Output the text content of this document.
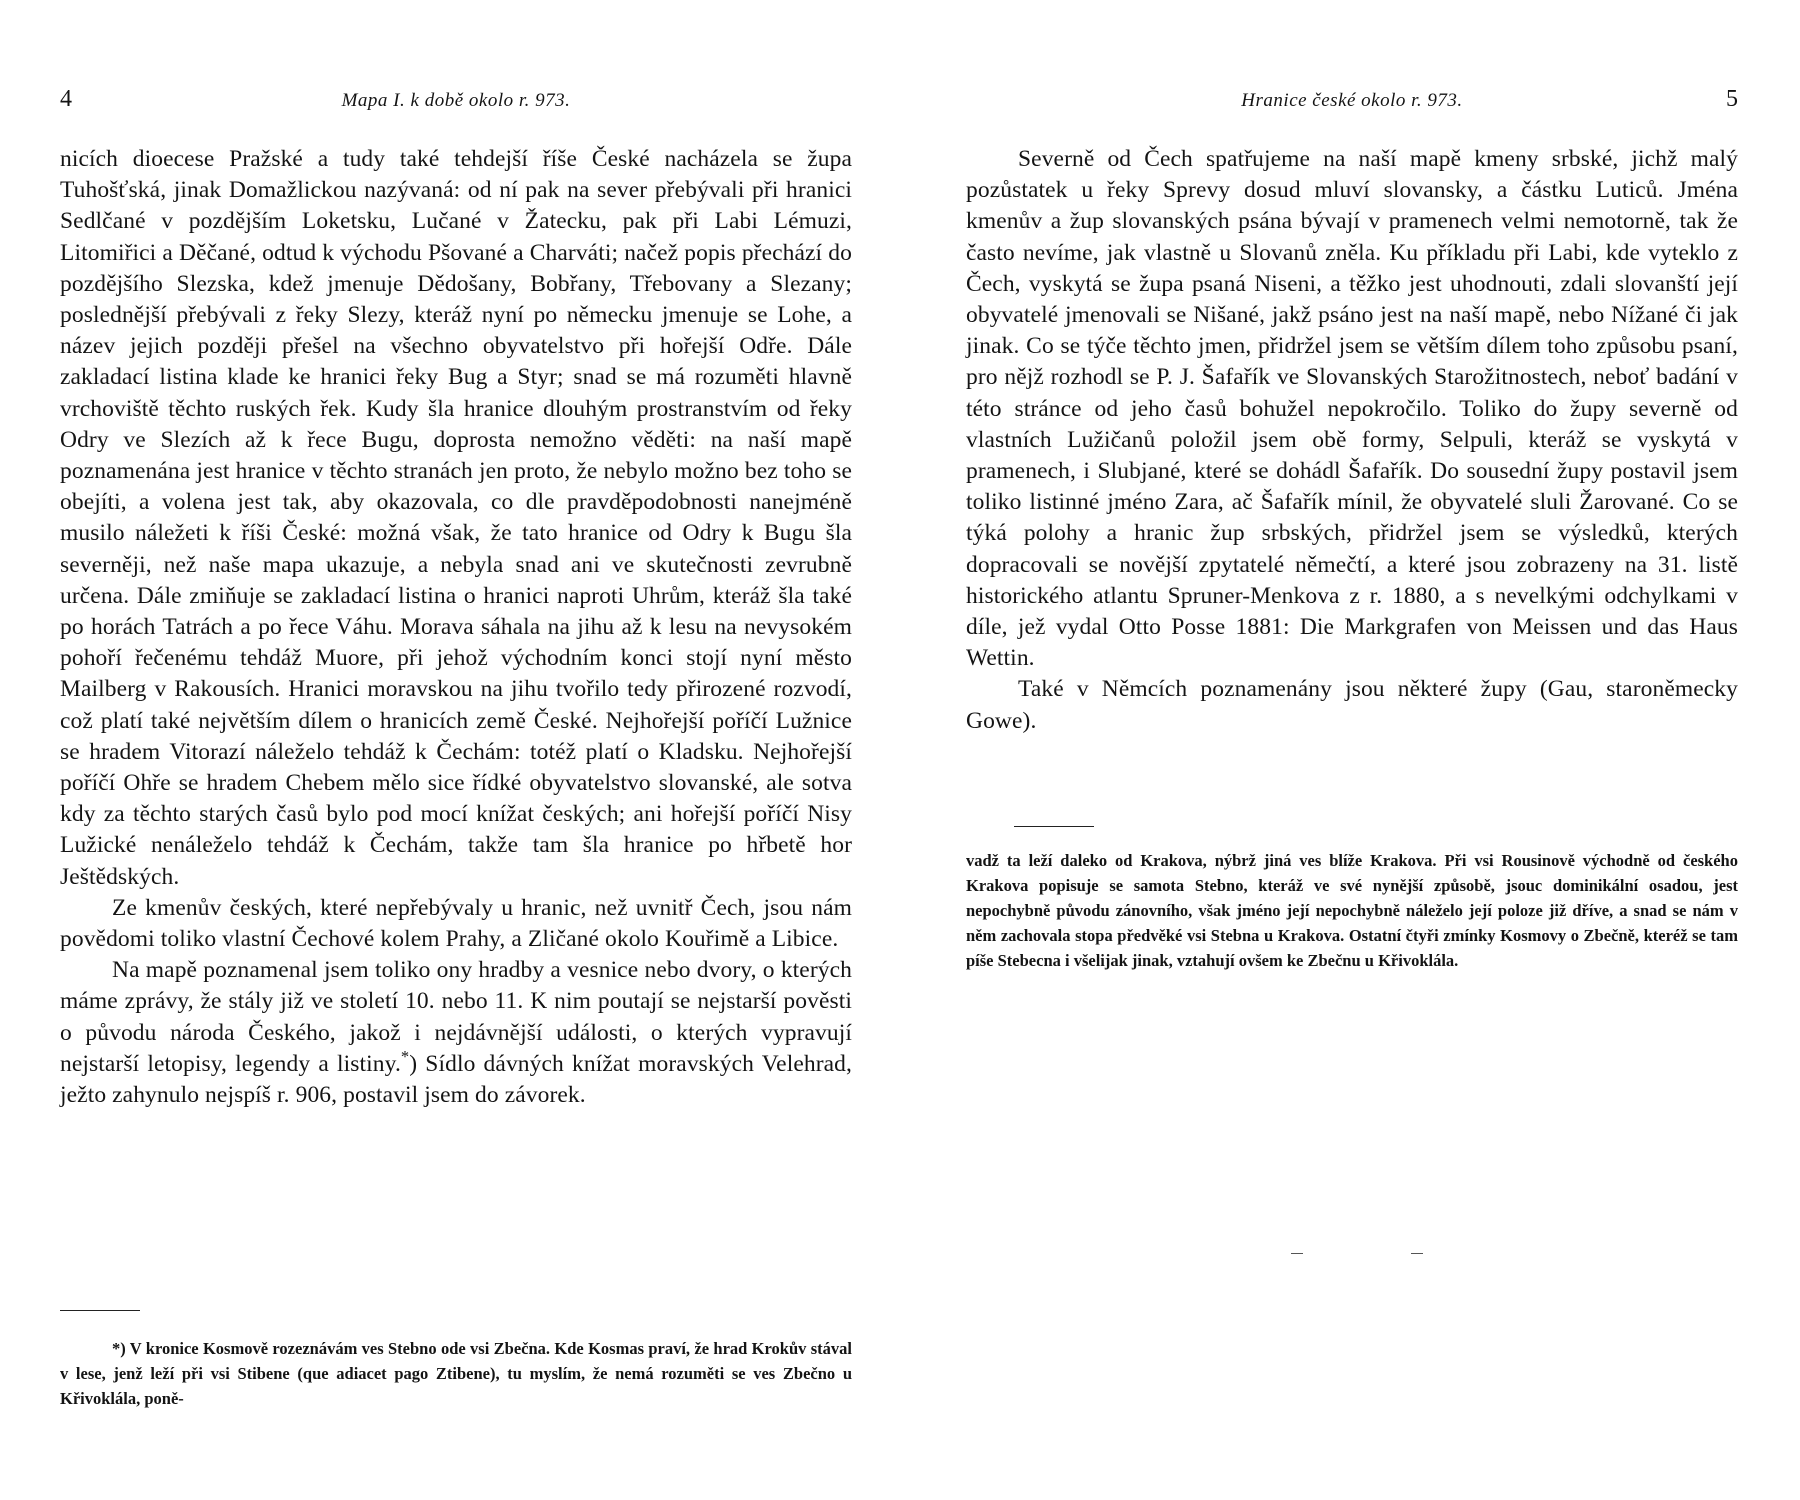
4	Mapa I. k době okolo r. 973.

nicích dioecese Pražské a tudy také tehdejší říše České nacházela se župa Tuhošťská, jinak Domažlickou nazývaná: od ní pak na sever přebývali při hranici Sedlčané v pozdějším Loketsku, Lučané v Žatecku, pak při Labi Lémuzi, Litomiřici a Děčané, odtud k východu Pšované a Charváti; načež popis přechází do pozdějšího Slezska, kdež jmenuje Dědošany, Bobřany, Třebovany a Slezany; poslednější přebývali z řeky Slezy, kteráž nyní po německu jmenuje se Lohe, a název jejich později přešel na všechno obyvatelstvo při hořejší Odře. Dále zakladací listina klade ke hranici řeky Bug a Styr; snad se má rozuměti hlavně vrchoviště těchto ruských řek. Kudy šla hranice dlouhým prostranstvím od řeky Odry ve Slezích až k řece Bugu, doprosta nemožno věděti: na naší mapě poznamenána jest hranice v těchto stranách jen proto, že nebylo možno bez toho se obejíti, a volena jest tak, aby okazovala, co dle pravděpodobnosti nanejméně musilo náležeti k říši České: možná však, že tato hranice od Odry k Bugu šla severněji, než naše mapa ukazuje, a nebyla snad ani ve skutečnosti zevrubně určena. Dále zmiňuje se zakladací listina o hranici naproti Uhrům, kteráž šla také po horách Tatrách a po řece Váhu. Morava sáhala na jihu až k lesu na nevysokém pohoří řečenému tehdáž Muore, při jehož východním konci stojí nyní město Mailberg v Rakousích. Hranici moravskou na jihu tvořilo tedy přirozené rozvodí, což platí také největším dílem o hranicích země České. Nejhořejší poříčí Lužnice se hradem Vitorazí náleželo tehdáž k Čechám: totéž platí o Kladsku. Nejhořejší poříčí Ohře se hradem Chebem mělo sice řídké obyvatelstvo slovanské, ale sotva kdy za těchto starých časů bylo pod mocí knížat českých; ani hořejší poříčí Nisy Lužické nenáleželo tehdáž k Čechám, takže tam šla hranice po hřbetě hor Ještědských.

Ze kmenův českých, které nepřebývaly u hranic, než uvnitř Čech, jsou nám povědomi toliko vlastní Čechové kolem Prahy, a Zličané okolo Kouřimě a Libice.

Na mapě poznamenal jsem toliko ony hradby a vesnice nebo dvory, o kterých máme zprávy, že stály již ve století 10. nebo 11. K nim poutají se nejstarší pověsti o původu národa Českého, jakož i nejdávnější události, o kterých vypravují nejstarší letopisy, legendy a listiny.*) Sídlo dávných knížat moravských Velehrad, ježto zahynulo nejspíš r. 906, postavil jsem do závorek.

*) V kronice Kosmově rozeznávám ves Stebno ode vsi Zbečna. Kde Kosmas praví, že hrad Krokův stával v lese, jenž leží při vsi Stibene (que adiacet pago Ztibene), tu myslím, že nemá rozuměti se ves Zbečno u Křivoklála, poně-

Hranice české okolo r. 973.	5

Severně od Čech spatřujeme na naší mapě kmeny srbské, jichž malý pozůstatek u řeky Sprevy dosud mluví slovansky, a částku Luticů. Jména kmenův a žup slovanských psána bývají v pramenech velmi nemotorně, tak že často nevíme, jak vlastně u Slovanů zněla. Ku příkladu při Labi, kde vyteklo z Čech, vyskytá se župa psaná Niseni, a těžko jest uhodnouti, zdali slovanští její obyvatelé jmenovali se Nišané, jakž psáno jest na naší mapě, nebo Nížané či jak jinak. Co se týče těchto jmen, přidržel jsem se větším dílem toho způsobu psaní, pro nějž rozhodl se P. J. Šafařík ve Slovanských Starožitnostech, neboť badání v této stránce od jeho časů bohužel nepokročilo. Toliko do župy severně od vlastních Lužičanů položil jsem obě formy, Selpuli, kteráž se vyskytá v pramenech, i Slubjané, které se dohádl Šafařík. Do sousední župy postavil jsem toliko listinné jméno Zara, ač Šafařík mínil, že obyvatelé sluli Žarované. Co se týká polohy a hranic žup srbských, přidržel jsem se výsledků, kterých dopracovali se novější zpytatelé němečtí, a které jsou zobrazeny na 31. listě historického atlantu Spruner-Menkova z r. 1880, a s nevelkými odchylkami v díle, jež vydal Otto Posse 1881: Die Markgrafen von Meissen und das Haus Wettin.

Také v Němcích poznamenány jsou některé župy (Gau, staroněmecky Gowe).

vadž ta leží daleko od Krakova, nýbrž jiná ves blíže Krakova. Při vsi Rousinově východně od českého Krakova popisuje se samota Stebno, kteráž ve své nynější způsobě, jsouc dominikální osadou, jest nepochybně původu zánovního, však jméno její nepochybně náleželo její poloze již dříve, a snad se nám v něm zachovala stopa předvěké vsi Stebna u Krakova. Ostatní čtyři zmínky Kosmovy o Zbečně, kteréž se tam píše Stebecna i všelijak jinak, vztahují ovšem ke Zbečnu u Křivoklála.
